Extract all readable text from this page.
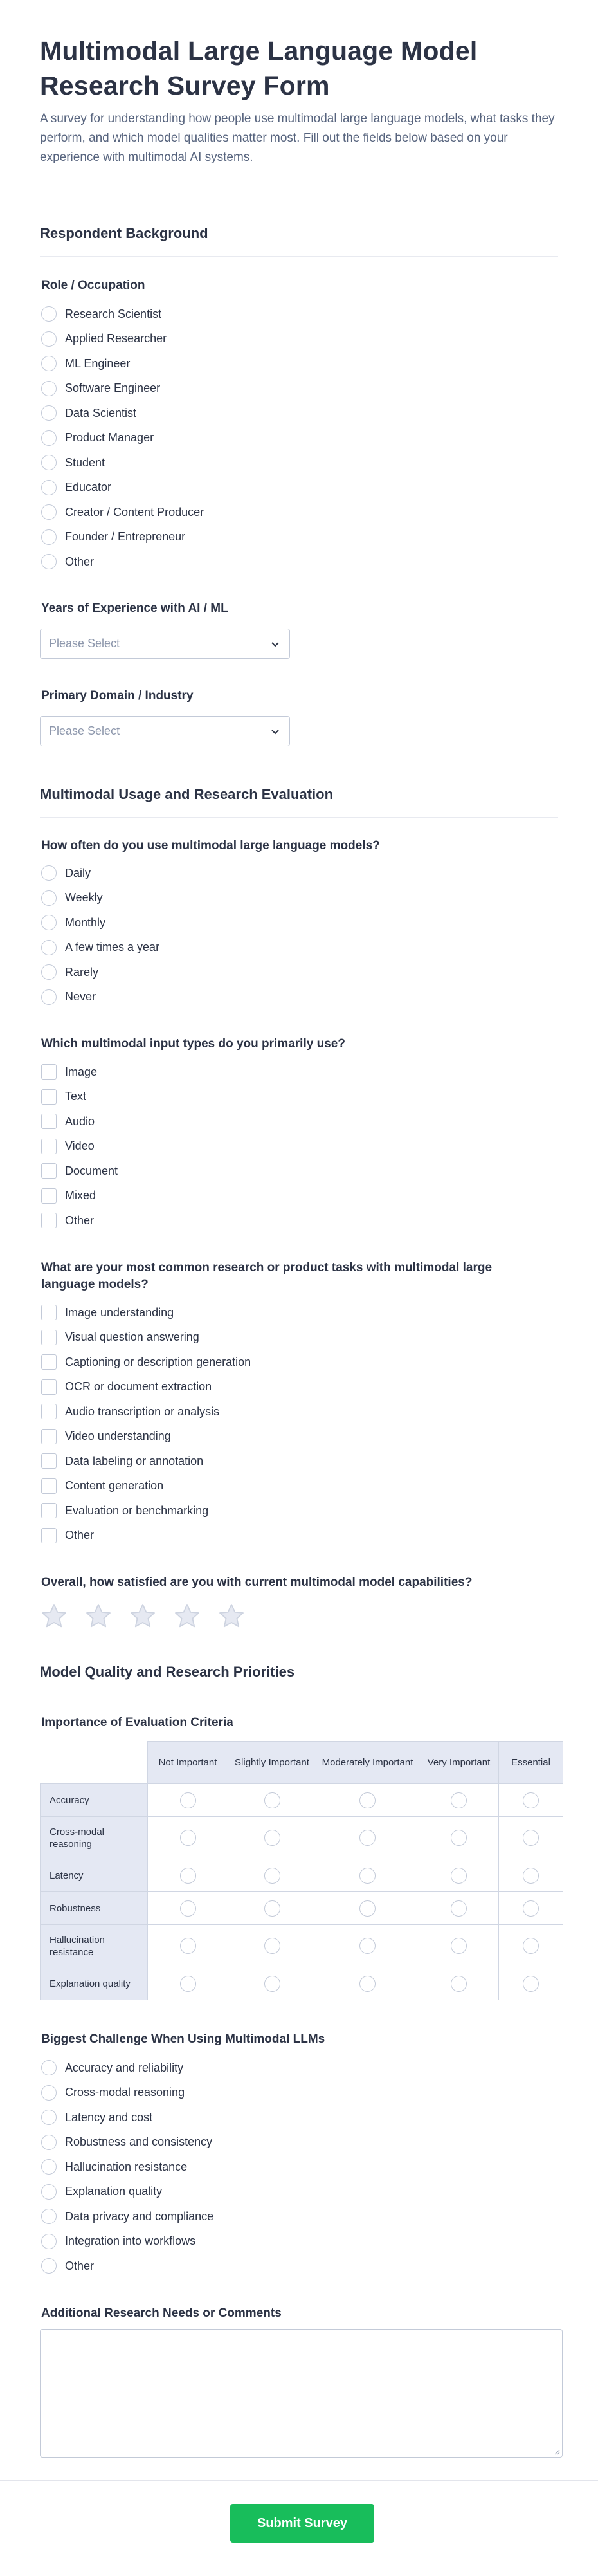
Multimodal Large Language Model Research Survey Form

A survey for understanding how people use multimodal large language models, what tasks they perform, and which model qualities matter most. Fill out the fields below based on your experience with multimodal AI systems.

Respondent Background
Role / Occupation
Research Scientist
Applied Researcher
ML Engineer
Software Engineer
Data Scientist
Product Manager
Student
Educator
Creator / Content Producer
Founder / Entrepreneur
Other
Years of Experience with AI / ML
Please Select
Primary Domain / Industry
Please Select
Multimodal Usage and Research Evaluation
How often do you use multimodal large language models?
Daily
Weekly
Monthly
A few times a year
Rarely
Never
Which multimodal input types do you primarily use?
Image
Text
Audio
Video
Document
Mixed
Other
What are your most common research or product tasks with multimodal large language models?
Image understanding
Visual question answering
Captioning or description generation
OCR or document extraction
Audio transcription or analysis
Video understanding
Data labeling or annotation
Content generation
Evaluation or benchmarking
Other
Overall, how satisfied are you with current multimodal model capabilities?
Model Quality and Research Priorities
Importance of Evaluation Criteria
	Not Important	Slightly Important	Moderately Important	Very Important	Essential
Accuracy					
Cross-modal reasoning					
Latency					
Robustness					
Hallucination resistance					
Explanation quality					
Biggest Challenge When Using Multimodal LLMs
Accuracy and reliability
Cross-modal reasoning
Latency and cost
Robustness and consistency
Hallucination resistance
Explanation quality
Data privacy and compliance
Integration into workflows
Other
Additional Research Needs or Comments
Submit Survey
